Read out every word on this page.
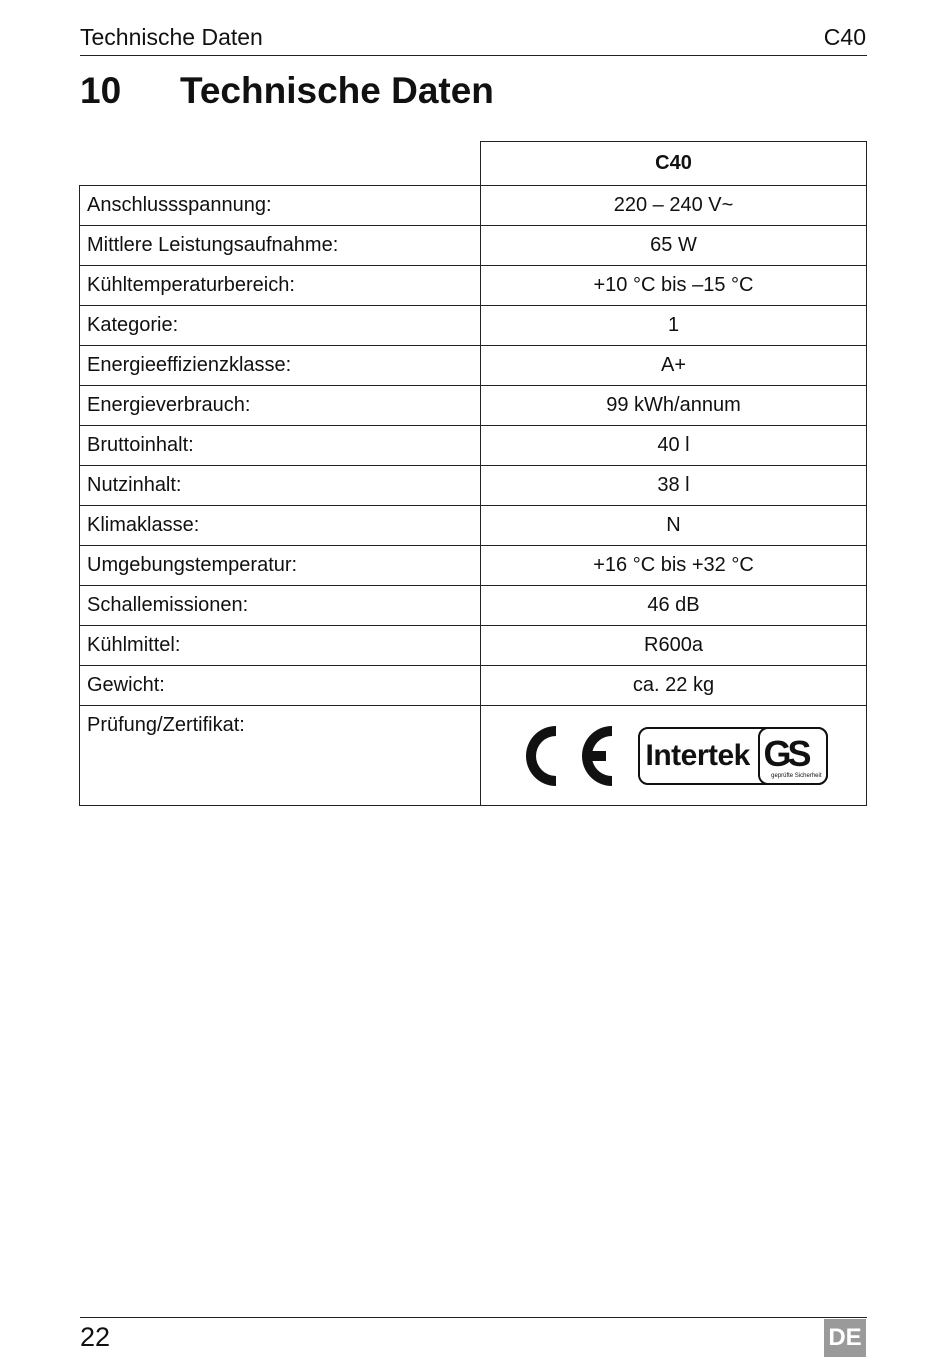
Technische Daten	C40
10 Technische Daten
	C40
Anschlussspannung:	220 – 240 V~
Mittlere Leistungsaufnahme:	65 W
Kühltemperaturbereich:	+10 °C bis –15 °C
Kategorie:	1
Energieeffizienzklasse:	A+
Energieverbrauch:	99 kWh/annum
Bruttoinhalt:	40 l
Nutzinhalt:	38 l
Klimaklasse:	N
Umgebungstemperatur:	+16 °C bis +32 °C
Schallemissionen:	46 dB
Kühlmittel:	R600a
Gewicht:	ca. 22 kg
Prüfung/Zertifikat:	Intertek GS
geprüfte Sicherheit
22	DE
